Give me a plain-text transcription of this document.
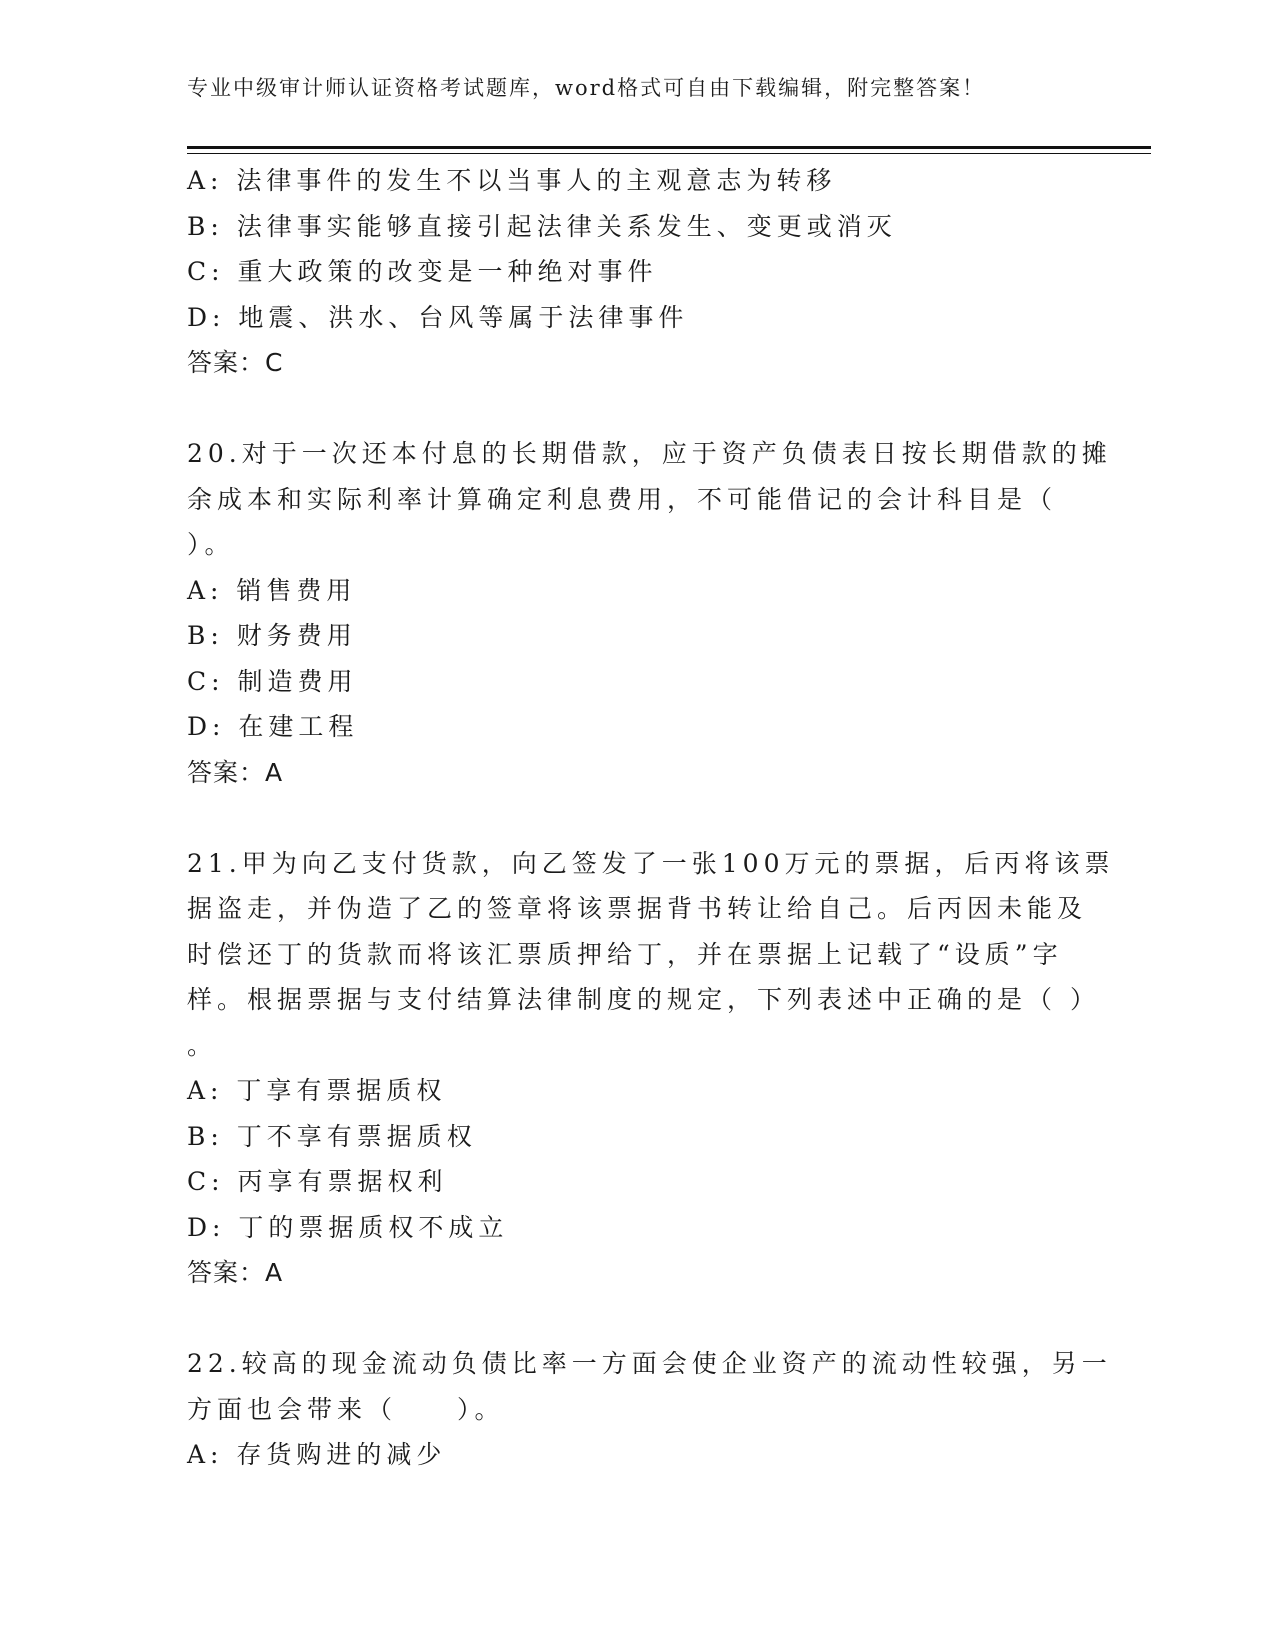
专业中级审计师认证资格考试题库，word格式可自由下载编辑，附完整答案！
A: 法律事件的发生不以当事人的主观意志为转移
B: 法律事实能够直接引起法律关系发生、变更或消灭
C: 重大政策的改变是一种绝对事件
D: 地震、洪水、台风等属于法律事件
答案：C
20.对于一次还本付息的长期借款，应于资产负债表日按长期借款的摊
余成本和实际利率计算确定利息费用，不可能借记的会计科目是（
）。
A: 销售费用
B: 财务费用
C: 制造费用
D: 在建工程
答案：A
21.甲为向乙支付货款，向乙签发了一张100万元的票据，后丙将该票
据盗走，并伪造了乙的签章将该票据背书转让给自己。后丙因未能及
时偿还丁的货款而将该汇票质押给丁，并在票据上记载了“设质”字
样。根据票据与支付结算法律制度的规定，下列表述中正确的是（ ）
。
A: 丁享有票据质权
B: 丁不享有票据质权
C: 丙享有票据权利
D: 丁的票据质权不成立
答案：A
22.较高的现金流动负债比率一方面会使企业资产的流动性较强，另一
方面也会带来（　　）。
A: 存货购进的减少
